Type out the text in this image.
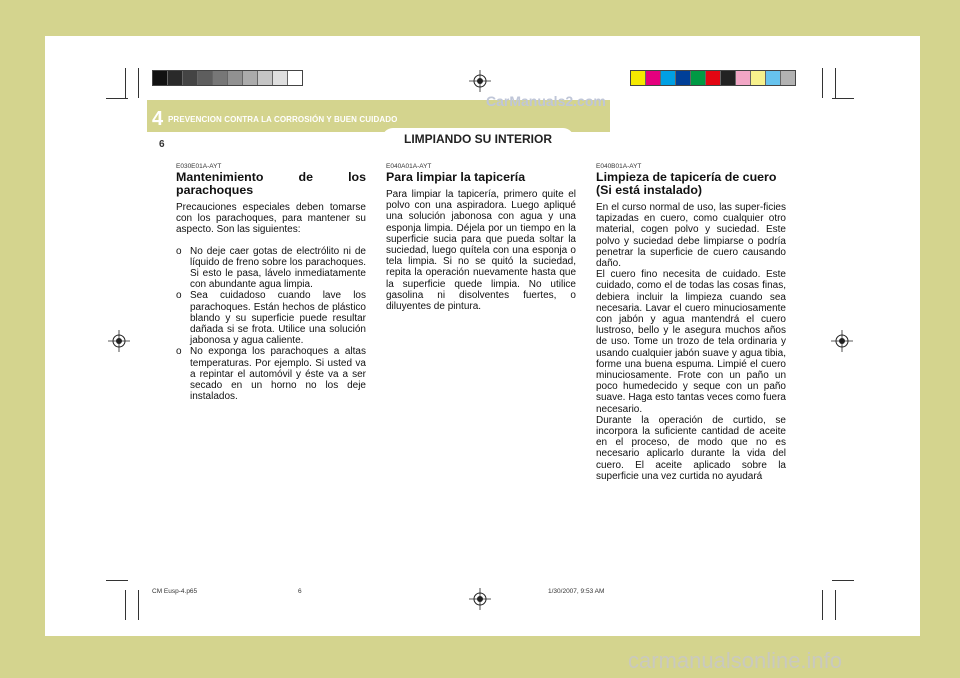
4 PREVENCION CONTRA LA CORROSIÓN Y BUEN CUIDADO
6	LIMPIANDO SU INTERIOR
CarManuals2.com
E030E01A-AYT
Mantenimiento de los parachoques

Precauciones especiales deben tomarse con los parachoques, para mantener su aspecto. Son las siguientes:

o No deje caer gotas de electrólito ni de líquido de freno sobre los parachoques. Si esto le pasa, lávelo inmediatamente con abundante agua limpia.
o Sea cuidadoso cuando lave los parachoques. Están hechos de plástico blando y su superficie puede resultar dañada si se frota. Utilice una solución jabonosa y agua caliente.
o No exponga los parachoques a altas temperaturas. Por ejemplo. Si usted va a repintar el automóvil y éste va a ser secado en un horno no los deje instalados.
E040A01A-AYT
Para limpiar la tapicería

Para limpiar la tapicería, primero quite el polvo con una aspiradora. Luego apliqué una solución jabonosa con agua y una esponja limpia. Déjela por un tiempo en la superficie sucia para que pueda soltar la suciedad, luego quítela con una esponja o tela limpia. Si no se quitó la suciedad, repita la operación nuevamente hasta que la superficie quede limpia. No utilice gasolina ni disolventes fuertes, o diluyentes de pintura.

E040B01A-AYT
Limpieza de tapicería de cuero (Si está instalado)

En el curso normal de uso, las super-ficies tapizadas en cuero, como cualquier otro material, cogen polvo y suciedad. Este polvo y suciedad debe limpiarse o podría penetrar la superficie de cuero causando daño.

El cuero fino necesita de cuidado. Este cuidado, como el de todas las cosas finas, debiera incluir la limpieza cuando sea necesaria. Lavar el cuero minuciosamente con jabón y agua mantendrá el cuero lustroso, bello y le asegura muchos años de uso. Tome un trozo de tela ordinaria y usando cualquier jabón suave y agua tibia, forme una buena espuma. Limpié el cuero minuciosamente. Frote con un paño un poco humedecido y seque con un paño suave. Haga esto tantas veces como fuera necesario.

Durante la operación de curtido, se incorpora la suficiente cantidad de aceite en el proceso, de modo que no es necesario aplicarlo durante la vida del cuero. El aceite aplicado sobre la superficie una vez curtida no ayudará

CM Eusp-4.p65	6	1/30/2007, 9:53 AM
carmanualsonline.info
